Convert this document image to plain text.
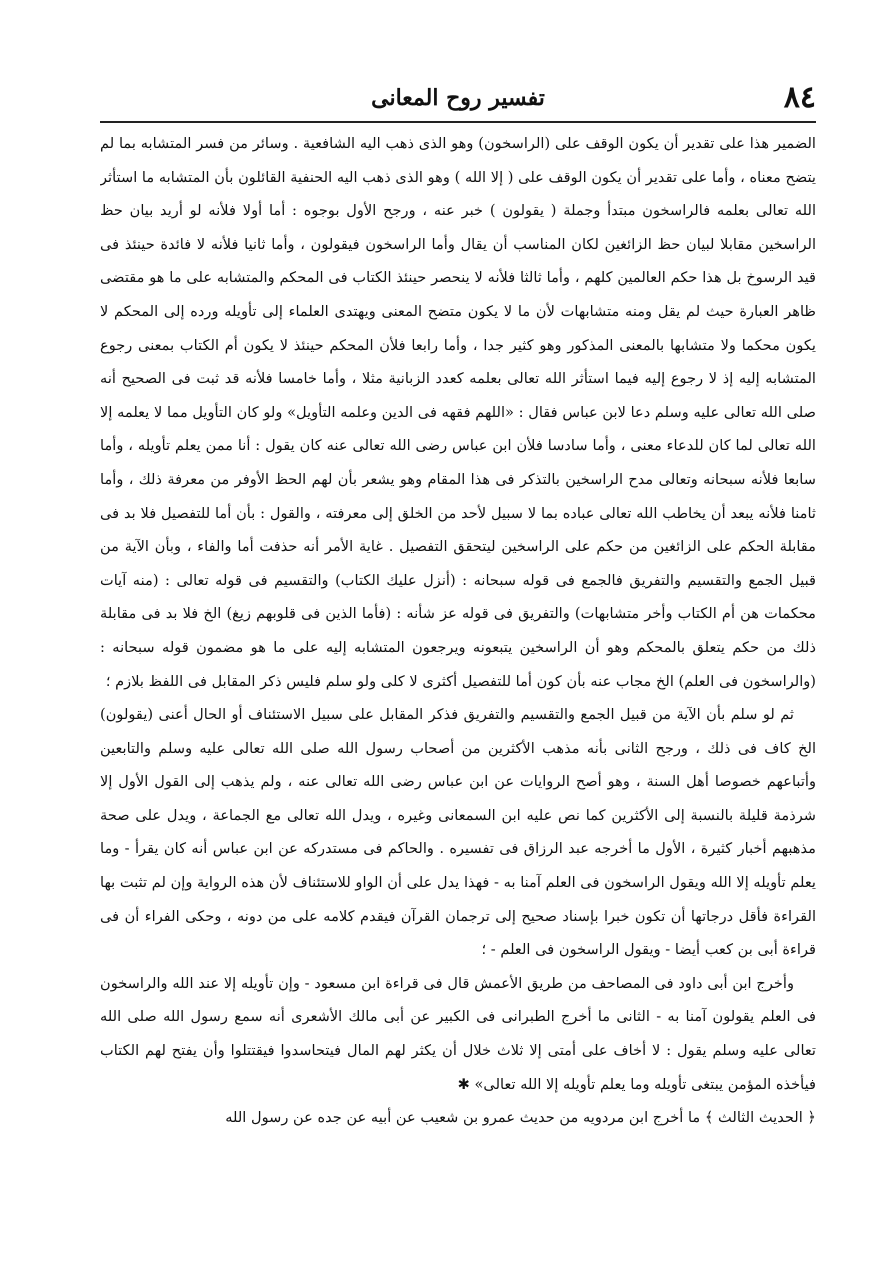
٨٤
تفسير روح المعانى

الضمير هذا على تقدير أن يكون الوقف على (الراسخون) وهو الذى ذهب اليه الشافعية . وسائر من فسر المتشابه بما لم يتضح معناه ، وأما على تقدير أن يكون الوقف على ( إلا الله ) وهو الذى ذهب اليه الحنفية القائلون بأن المتشابه ما استأثر الله تعالى بعلمه فالراسخون مبتدأ وجملة ( يقولون ) خبر عنه ، ورجح الأول بوجوه : أما أولا فلأنه لو أريد بيان حظ الراسخين مقابلا لبيان حظ الزائغين لكان المناسب أن يقال وأما الراسخون فيقولون ، وأما ثانيا فلأنه لا فائدة حينئذ فى قيد الرسوخ بل هذا حكم العالمين كلهم ، وأما ثالثا فلأنه لا ينحصر حينئذ الكتاب فى المحكم والمتشابه على ما هو مقتضى ظاهر العبارة حيث لم يقل ومنه متشابهات لأن ما لا يكون متضح المعنى ويهتدى العلماء إلى تأويله ورده إلى المحكم لا يكون محكما ولا متشابها بالمعنى المذكور وهو كثير جدا ، وأما رابعا فلأن المحكم حينئذ لا يكون أم الكتاب بمعنى رجوع المتشابه إليه إذ لا رجوع إليه فيما استأثر الله تعالى بعلمه كعدد الزبانية مثلا ، وأما خامسا فلأنه قد ثبت فى الصحيح أنه صلى الله تعالى عليه وسلم دعا لابن عباس فقال : «اللهم فقهه فى الدين وعلمه التأويل» ولو كان التأويل مما لا يعلمه إلا الله تعالى لما كان للدعاء معنى ، وأما سادسا فلأن ابن عباس رضى الله تعالى عنه كان يقول : أنا ممن يعلم تأويله ، وأما سابعا فلأنه سبحانه وتعالى مدح الراسخين بالتذكر فى هذا المقام وهو يشعر بأن لهم الحظ الأوفر من معرفة ذلك ، وأما ثامنا فلأنه يبعد أن يخاطب الله تعالى عباده بما لا سبيل لأحد من الخلق إلى معرفته ، والقول : بأن أما للتفصيل فلا بد فى مقابلة الحكم على الزائغين من حكم على الراسخين ليتحقق التفصيل . غاية الأمر أنه حذفت أما والفاء ، وبأن الآية من قبيل الجمع والتقسيم والتفريق فالجمع فى قوله سبحانه : (أنزل عليك الكتاب) والتقسيم فى قوله تعالى : (منه آيات محكمات هن أم الكتاب وأخر متشابهات) والتفريق فى قوله عز شأنه : (فأما الذين فى قلوبهم زيغ) الخ فلا بد فى مقابلة ذلك من حكم يتعلق بالمحكم وهو أن الراسخين يتبعونه ويرجعون المتشابه إليه على ما هو مضمون قوله سبحانه : (والراسخون فى العلم) الخ مجاب عنه بأن كون أما للتفصيل أكثرى لا كلى ولو سلم فليس ذكر المقابل فى اللفظ بلازم ؛

ثم لو سلم بأن الآية من قبيل الجمع والتقسيم والتفريق فذكر المقابل على سبيل الاستئناف أو الحال أعنى (يقولون) الخ كاف فى ذلك ، ورجح الثانى بأنه مذهب الأكثرين من أصحاب رسول الله صلى الله تعالى عليه وسلم والتابعين وأتباعهم خصوصا أهل السنة ، وهو أصح الروايات عن ابن عباس رضى الله تعالى عنه ، ولم يذهب إلى القول الأول إلا شرذمة قليلة بالنسبة إلى الأكثرين كما نص عليه ابن السمعانى وغيره ، ويدل الله تعالى مع الجماعة ، ويدل على صحة مذهبهم أخبار كثيرة ، الأول ما أخرجه عبد الرزاق فى تفسيره . والحاكم فى مستدركه عن ابن عباس أنه كان يقرأ - وما يعلم تأويله إلا الله ويقول الراسخون فى العلم آمنا به - فهذا يدل على أن الواو للاستئناف لأن هذه الرواية وإن لم تثبت بها القراءة فأقل درجاتها أن تكون خبرا بإسناد صحيح إلى ترجمان القرآن فيقدم كلامه على من دونه ، وحكى الفراء أن فى قراءة أبى بن كعب أيضا - ويقول الراسخون فى العلم - ؛

وأخرج ابن أبى داود فى المصاحف من طريق الأعمش قال فى قراءة ابن مسعود - وإن تأويله إلا عند الله والراسخون فى العلم يقولون آمنا به - الثانى ما أخرج الطبرانى فى الكبير عن أبى مالك الأشعرى أنه سمع رسول الله صلى الله تعالى عليه وسلم يقول : لا أخاف على أمتى إلا ثلاث خلال أن يكثر لهم المال فيتحاسدوا فيقتتلوا وأن يفتح لهم الكتاب فيأخذه المؤمن يبتغى تأويله وما يعلم تأويله إلا الله تعالى» ✱

﴿ الحديث الثالث ﴾ ما أخرج ابن مردويه من حديث عمرو بن شعيب عن أبيه عن جده عن رسول الله
